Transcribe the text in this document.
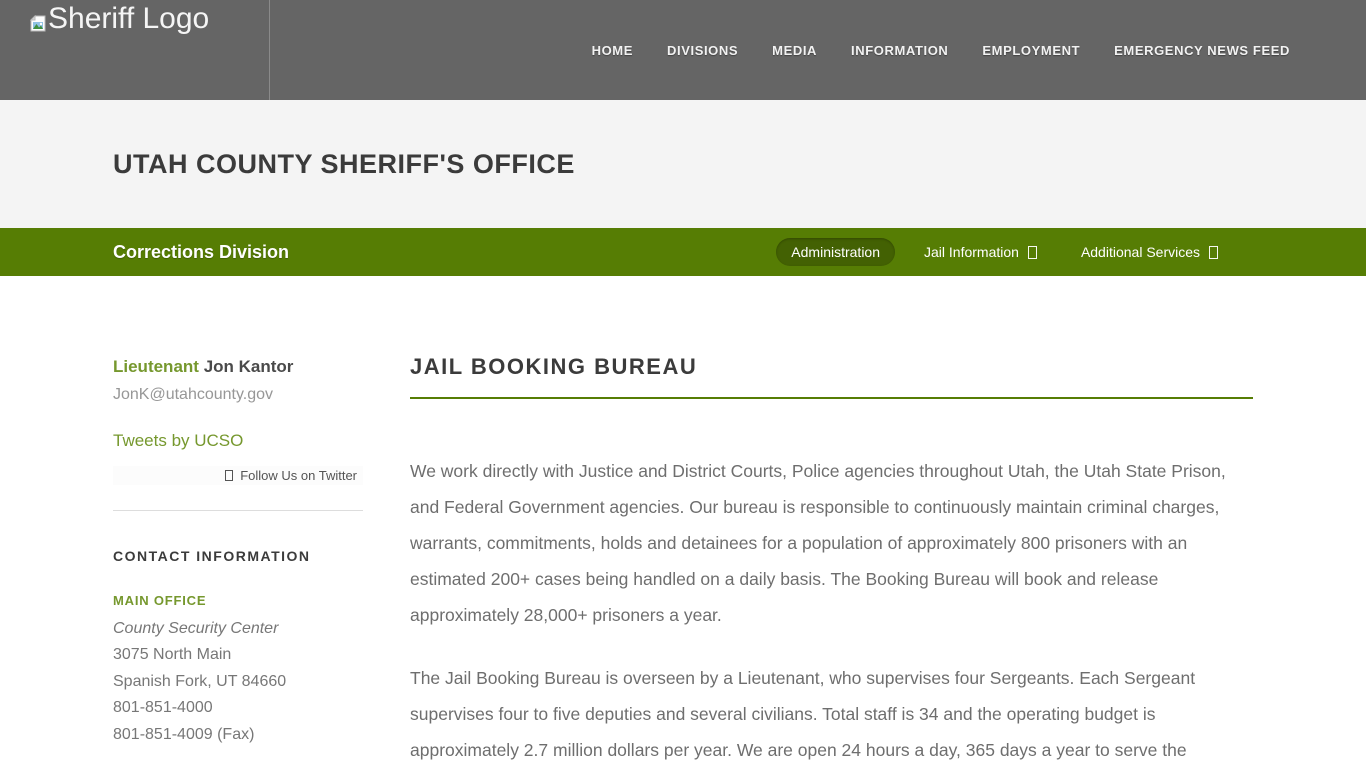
Sheriff Logo
HOME	DIVISIONS	MEDIA	INFORMATION	EMPLOYMENT	EMERGENCY NEWS FEED
UTAH COUNTY SHERIFF'S OFFICE
Corrections Division	Administration	Jail Information	Additional Services
Lieutenant Jon Kantor
JonK@utahcounty.gov
Tweets by UCSO
Follow Us on Twitter
CONTACT INFORMATION
MAIN OFFICE
County Security Center
3075 North Main
Spanish Fork, UT 84660
801-851-4000
801-851-4009 (Fax)
JAIL BOOKING BUREAU

We work directly with Justice and District Courts, Police agencies throughout Utah, the Utah State Prison, and Federal Government agencies. Our bureau is responsible to continuously maintain criminal charges, warrants, commitments, holds and detainees for a population of approximately 800 prisoners with an estimated 200+ cases being handled on a daily basis. The Booking Bureau will book and release approximately 28,000+ prisoners a year.

The Jail Booking Bureau is overseen by a Lieutenant, who supervises four Sergeants. Each Sergeant supervises four to five deputies and several civilians. Total staff is 34 and the operating budget is approximately 2.7 million dollars per year. We are open 24 hours a day, 365 days a year to serve the
